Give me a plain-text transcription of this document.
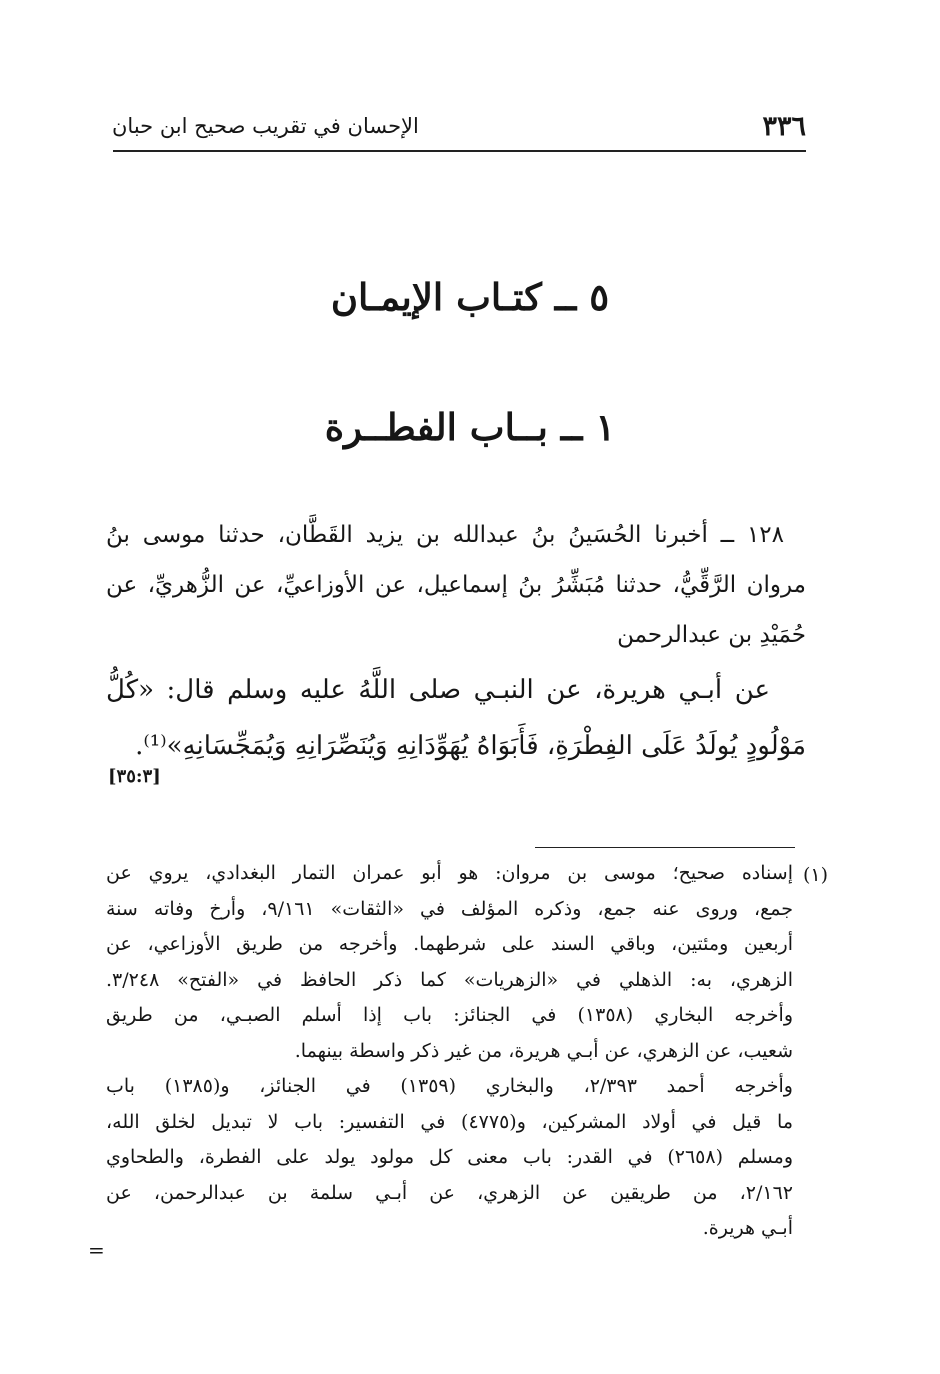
٣٣٦
الإحسان في تقريب صحيح ابن حبان
٥ ــ كتـاب الإيمـان
١ ــ بــاب الفطــرة
١٢٨ ــ أخبرنا الحُسَينُ بنُ عبدالله بن يزيد القَطَّان، حدثنا موسى بنُ
مروان الرَّقِّيُّ، حدثنا مُبَشِّرُ بنُ إسماعيل، عن الأوزاعيِّ، عن الزُّهريِّ، عن
حُمَيْدِ بن عبدالرحمن
عن أبـي هريرة، عن النبـي صلى اللَّهُ عليه وسلم قال: «كُلُّ
مَوْلُودٍ يُولَدُ عَلَى الفِطْرَةِ، فَأَبَوَاهُ يُهَوِّدَانِهِ وَيُنَصِّرَانِهِ وَيُمَجِّسَانِهِ»⁽¹⁾.
[٣٥:٣]
(١)
إسناده صحيح؛ موسى بن مروان: هو أبو عمران التمار البغدادي، يروي عن
جمع، وروى عنه جمع، وذكره المؤلف في «الثقات» ٩/١٦١، وأرخ وفاته سنة
أربعين ومئتين، وباقي السند على شرطهما. وأخرجه من طريق الأوزاعي، عن
الزهري، به: الذهلي في «الزهريات» كما ذكر الحافظ في «الفتح» ٣/٢٤٨.
وأخرجه البخاري (١٣٥٨) في الجنائز: باب إذا أسلم الصبـي، من طريق
شعيب، عن الزهري، عن أبـي هريرة، من غير ذكر واسطة بينهما.
وأخرجه أحمد ٢/٣٩٣، والبخاري (١٣٥٩) في الجنائز، و(١٣٨٥) باب
ما قيل في أولاد المشركين، و(٤٧٧٥) في التفسير: باب لا تبديل لخلق الله،
ومسلم (٢٦٥٨) في القدر: باب معنى كل مولود يولد على الفطرة، والطحاوي
٢/١٦٢، من طريقين عن الزهري، عن أبـي سلمة بن عبدالرحمن، عن
أبـي هريرة.
=
